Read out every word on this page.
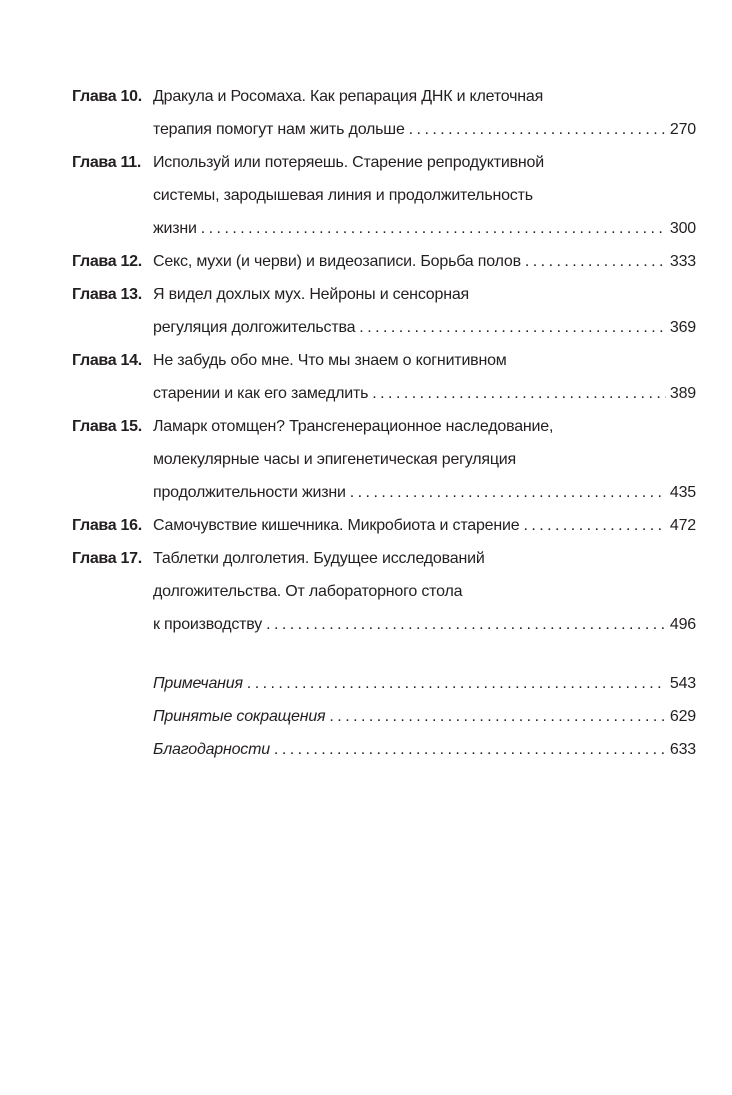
Глава 10. Дракула и Росомаха. Как репарация ДНК и клеточная
терапия помогут нам жить дольше . . .	270
Глава 11. Используй или потеряешь. Старение репродуктивной
системы, зародышевая линия и продолжительность
жизни . . .	300
Глава 12. Секс, мухи (и черви) и видеозаписи. Борьба полов . . .	333
Глава 13. Я видел дохлых мух. Нейроны и сенсорная
регуляция долгожительства . . .	369
Глава 14. Не забудь обо мне. Что мы знаем о когнитивном
старении и как его замедлить . . .	389
Глава 15. Ламарк отомщен? Трансгенерационное наследование,
молекулярные часы и эпигенетическая регуляция
продолжительности жизни . . .	435
Глава 16. Самочувствие кишечника. Микробиота и старение . . .	472
Глава 17. Таблетки долголетия. Будущее исследований
долгожительства. От лабораторного стола
к производству . . .	496
Примечания . . .	543
Принятые сокращения . . .	629
Благодарности . . .	633
